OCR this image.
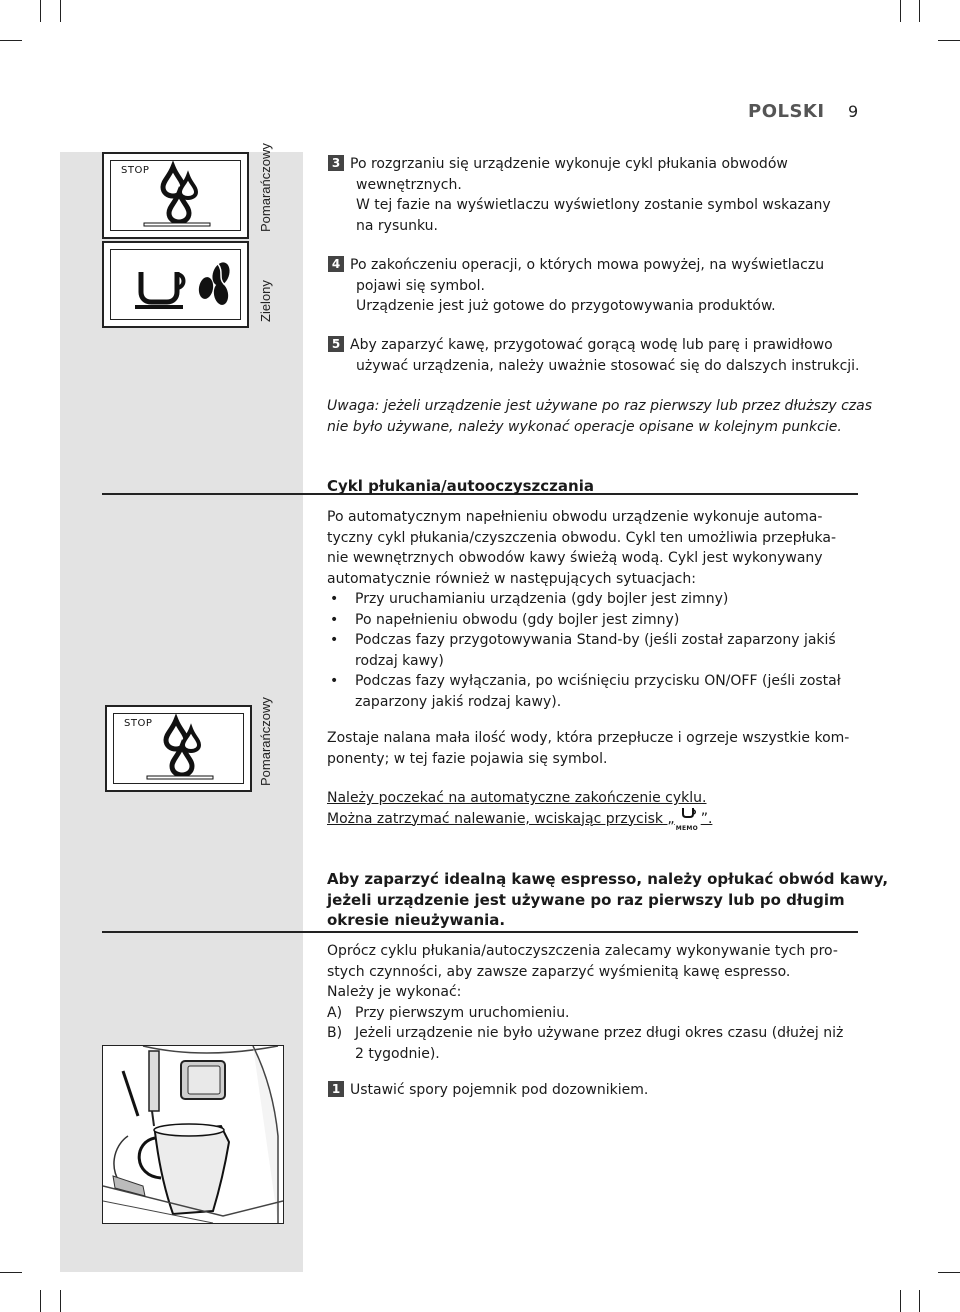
POLSKI 9
STOP	Pomarańczowy
Zielony
3 Po rozgrzaniu się urządzenie wykonuje cykl płukania obwodów
wewnętrznych.
W tej fazie na wyświetlaczu wyświetlony zostanie symbol wskazany
na rysunku.
4 Po zakończeniu operacji, o których mowa powyżej, na wyświetlaczu
pojawi się symbol.
Urządzenie jest już gotowe do przygotowywania produktów.
5 Aby zaparzyć kawę, przygotować gorącą wodę lub parę i prawidłowo
używać urządzenia, należy uważnie stosować się do dalszych instrukcji.
Uwaga: jeżeli urządzenie jest używane po raz pierwszy lub przez dłuższy czas
nie było używane, należy wykonać operacje opisane w kolejnym punkcie.
Cykl płukania/autooczyszczania
Po automatycznym napełnieniu obwodu urządzenie wykonuje automa-
tyczny cykl płukania/czyszczenia obwodu. Cykl ten umożliwia przepłuka-
nie wewnętrznych obwodów kawy świeżą wodą. Cykl jest wykonywany
automatycznie również w następujących sytuacjach:
• Przy uruchamianiu urządzenia (gdy bojler jest zimny)
• Po napełnieniu obwodu (gdy bojler jest zimny)
• Podczas fazy przygotowywania Stand-by (jeśli został zaparzony jakiś
rodzaj kawy)
• Podczas fazy wyłączania, po wciśnięciu przycisku ON/OFF (jeśli został
zaparzony jakiś rodzaj kawy).
STOP	Pomarańczowy	Zostaje nalana mała ilość wody, która przepłucze i ogrzeje wszystkie kom-
ponenty; w tej fazie pojawia się symbol.
Należy poczekać na automatyczne zakończenie cyklu.
Można zatrzymać nalewanie, wciskając przycisk „
MEMO
”.
Aby zaparzyć idealną kawę espresso, należy opłukać obwód kawy,
jeżeli urządzenie jest używane po raz pierwszy lub po długim
okresie nieużywania.
Oprócz cyklu płukania/autoczyszczenia zalecamy wykonywanie tych pro-
stych czynności, aby zawsze zaparzyć wyśmienitą kawę espresso.
Należy je wykonać:
A) Przy pierwszym uruchomieniu.
B) Jeżeli urządzenie nie było używane przez długi okres czasu (dłużej niż
2 tygodnie).
1 Ustawić spory pojemnik pod dozownikiem.
